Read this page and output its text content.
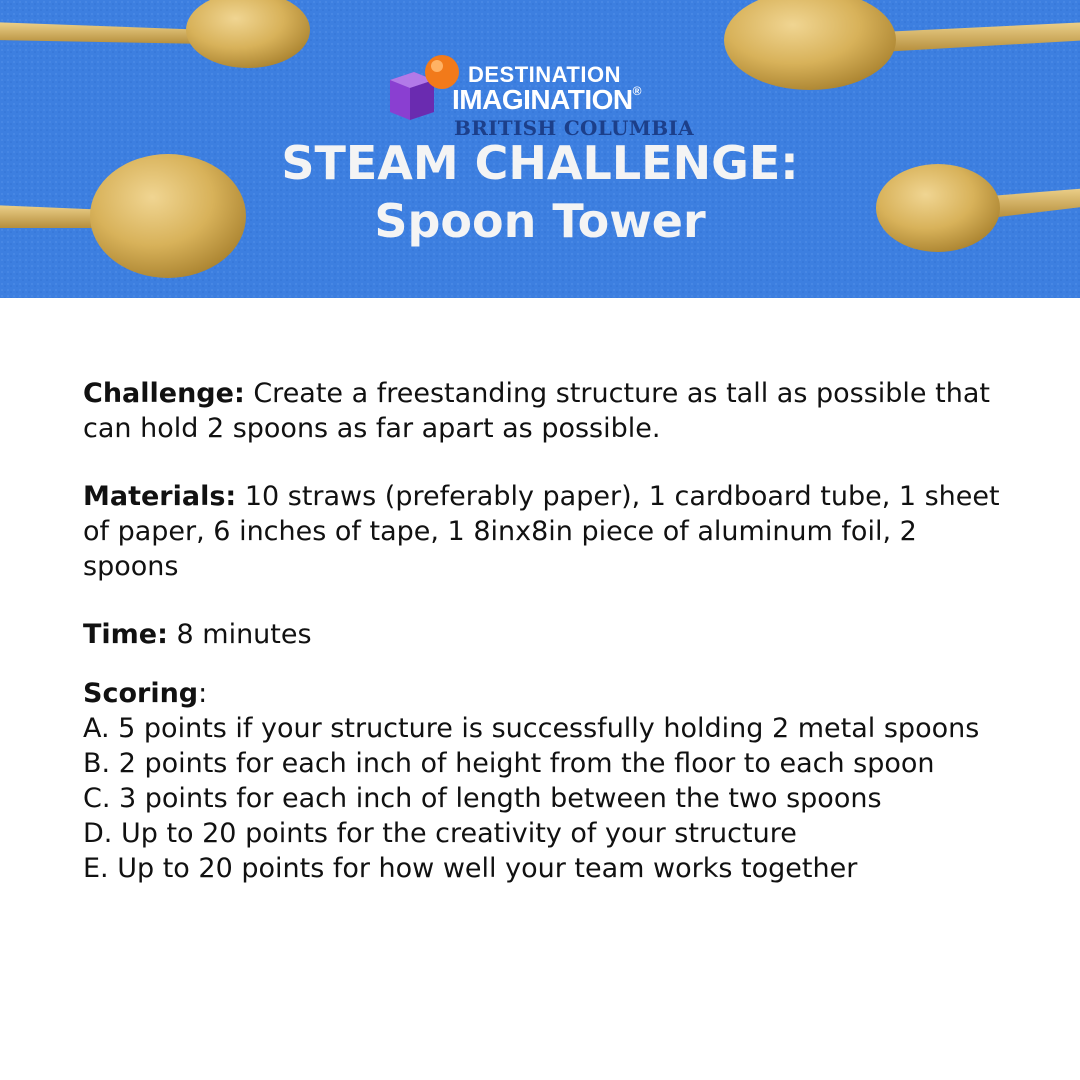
DESTINATION
IMAGINATION®
BRITISH COLUMBIA
STEAM CHALLENGE:
Spoon Tower

Challenge: Create a freestanding structure as tall as possible that can hold 2 spoons as far apart as possible.

Materials: 10 straws (preferably paper), 1 cardboard tube, 1 sheet of paper, 6 inches of tape, 1 8inx8in piece of aluminum foil, 2 spoons

Time: 8 minutes

Scoring:

A. 5 points if your structure is successfully holding 2 metal spoons
B. 2 points for each inch of height from the floor to each spoon
C. 3 points for each inch of length between the two spoons
D. Up to 20 points for the creativity of your structure
E. Up to 20 points for how well your team works together
